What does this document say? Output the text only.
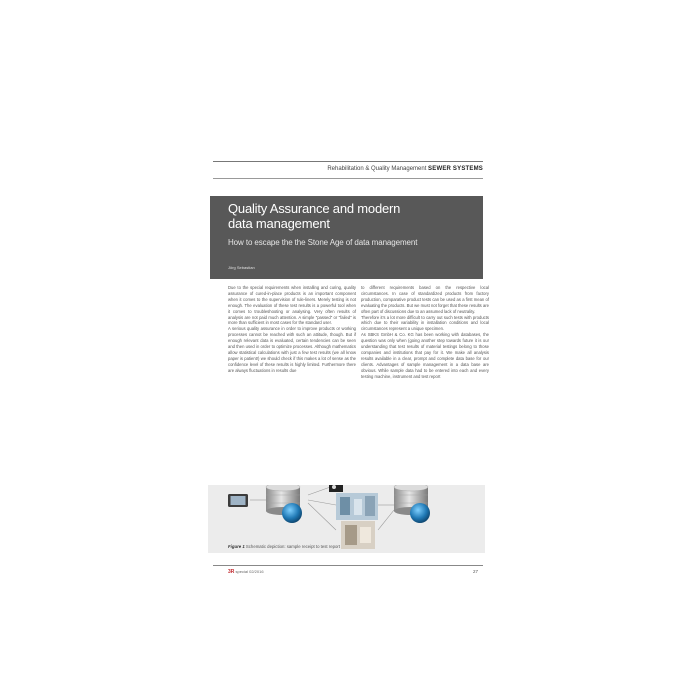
Rehabilitation & Quality Management SEWER SYSTEMS
Quality Assurance and modern
data management
How to escape the the Stone Age of data management
Jörg Sebastian

Due to the special requirements when installing and curing, quality assurance of cured-in-place products is an important component when it comes to the supervision of rule-liners. Merely testing is not enough. The evaluation of these test results is a powerful tool when it comes to troubleshooting or analysing. Very often results of analysis are not paid much attention. A simple "passed" or "failed" is more than sufficient in most cases for the standard user.

A serious quality assurance in order to improve products or working processes cannot be reached with such an attitude, though. But if enough relevant data is evaluated, certain tendencies can be seen and then used in order to optimize processes. Although mathematics allow statistical calculations with just a few test results (we all know paper is patient!) we should check if this makes a lot of sense as the confidence level of these results is highly limited. Furthermore there are always fluctuations in results due

to different requirements based on the respective local circumstances. In case of standardized products from factory production, comparative product tests can be used as a first mean of evaluating the products. But we must not forget that these results are often part of discussions due to an assumed lack of neutrality.

Therefore it's a lot more difficult to carry out such tests with products which due to their variability in installation conditions and local circumstances represent a unique specimen.

As SBKS GmbH & Co. KG has been working with databases, the question was only when (going another step towards future it is our understanding that test results of material testings belong to those companies and institutions that pay for it. We make all analysis results available in a clear, prompt and complete data base for our clients. Advantages of sample management in a data base are obvious. While sample data had to be entered into each and every testing machine, instrument and test report

Figure 1 Schematic depiction: sample receipt to test report
3R special 02/2016	27
